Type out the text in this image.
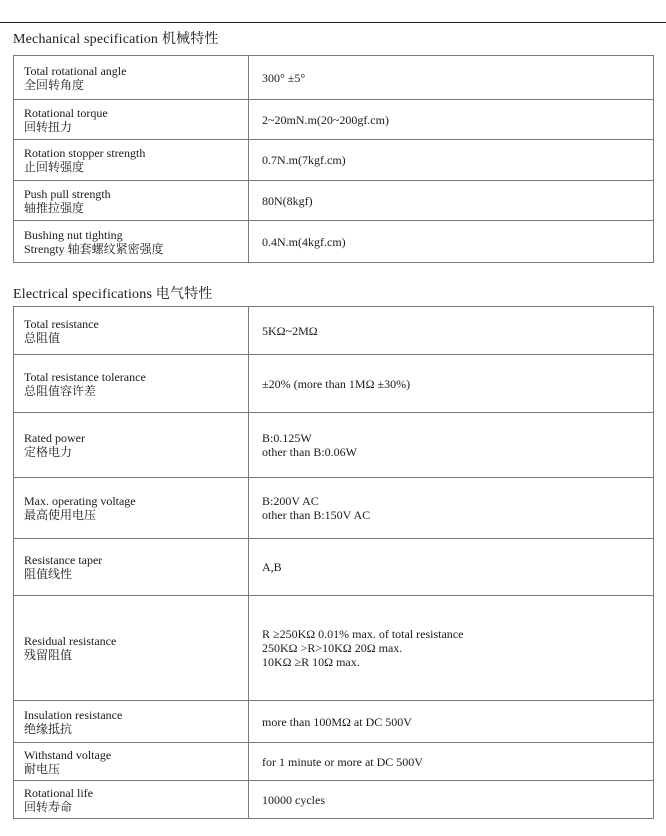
Mechanical specification 机械特性
Total rotational angle
全回转角度	300° ±5°

Rotational torque
回转扭力	2~20mN.m(20~200gf.cm)

Rotation stopper strength
止回转强度	0.7N.m(7kgf.cm)

Push pull strength
轴推拉强度	80N(8kgf)

Bushing nut tighting
Strengty 轴套螺纹紧密强度	0.4N.m(4kgf.cm)
Electrical specifications 电气特性
Total resistance
总阻值	5KΩ~2MΩ

Total resistance tolerance
总阻值容许差	±20% (more than 1MΩ ±30%)

Rated power
定格电力	B:0.125W
other than B:0.06W

Max. operating voltage
最高使用电压	B:200V AC
other than B:150V AC

Resistance taper
阻值线性	A,B

Residual resistance
残留阻值	R ≥250KΩ 0.01% max. of total resistance
250KΩ >R>10KΩ 20Ω max.
10KΩ ≥R 10Ω max.

Insulation resistance
绝缘抵抗	more than 100MΩ at DC 500V

Withstand voltage
耐电压	for 1 minute or more at DC 500V

Rotational life
回转寿命	10000 cycles
